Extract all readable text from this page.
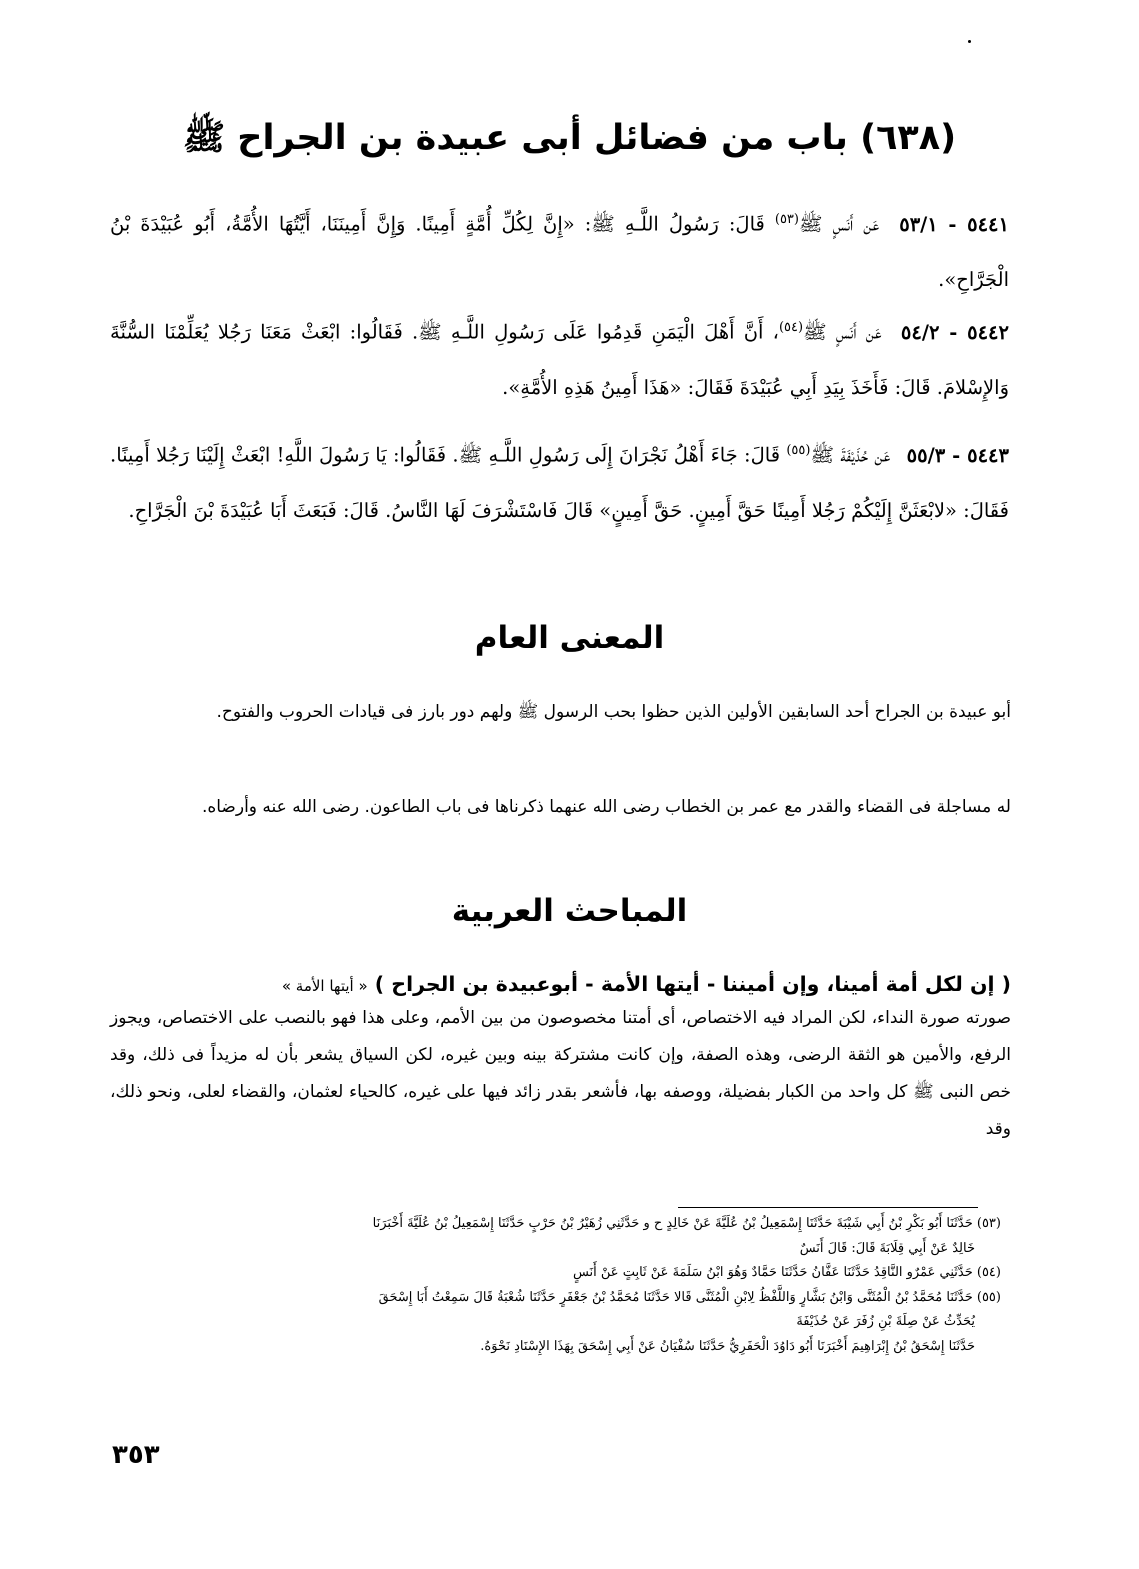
(٦٣٨) باب من فضائل أبى عبيدة بن الجراح ﷺ
٥٤٤١ - ٥٣/١ عَن أَنَسٍ ﷺ$^{(٥٣)}$ قَالَ: رَسُولُ اللَّـهِ ﷺ: «إِنَّ لِكُلِّ أُمَّةٍ أَمِينًا. وَإِنَّ أَمِينَنَا، أَيَّتُهَا الأُمَّةُ، أَبُو عُبَيْدَةَ بْنُ الْجَرَّاحِ».
٥٤٤٢ - ٥٤/٢ عَن أَنَسٍ ﷺ$^{(٥٤)}$، أَنَّ أَهْلَ الْيَمَنِ قَدِمُوا عَلَى رَسُولِ اللَّـهِ ﷺ. فَقَالُوا: ابْعَثْ مَعَنَا رَجُلا يُعَلِّمْنَا السُّنَّةَ وَالإِسْلامَ. قَالَ: فَأَخَذَ بِيَدِ أَبِي عُبَيْدَةَ فَقَالَ: «هَذَا أَمِينُ هَذِهِ الأُمَّةِ».
٥٤٤٣ - ٥٥/٣ عَن حُذَيْفَةَ ﷺ$^{(٥٥)}$ قَالَ: جَاءَ أَهْلُ نَجْرَانَ إِلَى رَسُولِ اللَّـهِ ﷺ. فَقَالُوا: يَا رَسُولَ اللَّهِ! ابْعَثْ إِلَيْنَا رَجُلا أَمِينًا. فَقَالَ: «لابْعَثَنَّ إِلَيْكُمْ رَجُلا أَمِينًا حَقَّ أَمِينٍ. حَقَّ أَمِينٍ» قَالَ فَاسْتَشْرَفَ لَهَا النَّاسُ. قَالَ: فَبَعَثَ أَبَا عُبَيْدَةَ بْنَ الْجَرَّاحِ.
المعنى العام

أبو عبيدة بن الجراح أحد السابقين الأولين الذين حظوا بحب الرسول ﷺ ولهم دور بارز فى قيادات الحروب والفتوح.

له مساجلة فى القضاء والقدر مع عمر بن الخطاب رضى الله عنهما ذكرناها فى باب الطاعون. رضى الله عنه وأرضاه.

المباحث العربية
( إن لكل أمة أمينا، وإن أميننا - أيتها الأمة - أبوعبيدة بن الجراح ) « أيتها الأمة »

صورته صورة النداء، لكن المراد فيه الاختصاص، أى أمتنا مخصوصون من بين الأمم، وعلى هذا فهو بالنصب على الاختصاص، ويجوز الرفع، والأمين هو الثقة الرضى، وهذه الصفة، وإن كانت مشتركة بينه وبين غيره، لكن السياق يشعر بأن له مزيداً فى ذلك، وقد خص النبى ﷺ كل واحد من الكبار بفضيلة، ووصفه بها، فأشعر بقدر زائد فيها على غيره، كالحياء لعثمان، والقضاء لعلى، ونحو ذلك، وقد

(٥٣) حَدَّثَنَا أَبُو بَكْرِ بْنُ أَبِي شَيْبَةَ حَدَّثَنَا إِسْمَعِيلُ بْنُ عُلَيَّةَ عَنْ خَالِدٍ ح و حَدَّثَنِي زُهَيْرُ بْنُ حَرْبٍ حَدَّثَنَا إِسْمَعِيلُ بْنُ عُلَيَّةَ أَخْبَرَنَا

خَالِدٌ عَنْ أَبِي قِلَابَةَ قَالَ: قَالَ أَنَسٌ

(٥٤) حَدَّثَنِي عَمْرٌو النَّاقِدُ حَدَّثَنَا عَفَّانُ حَدَّثَنَا حَمَّادٌ وَهُوَ ابْنُ سَلَمَةَ عَنْ ثَابِتٍ عَنْ أَنَسٍ

(٥٥) حَدَّثَنَا مُحَمَّدُ بْنُ الْمُثَنَّى وَابْنُ بَشَّارٍ وَاللَّفْظُ لِابْنِ الْمُثَنَّى قَالا حَدَّثَنَا مُحَمَّدُ بْنُ جَعْفَرٍ حَدَّثَنَا شُعْبَةُ قَالَ سَمِعْتُ أَبَا إِسْحَقَ

يُحَدِّثُ عَنْ صِلَةَ بْنِ زُفَرَ عَنْ حُذَيْفَةَ

حَدَّثَنَا إِسْحَقُ بْنُ إِبْرَاهِيمَ أَخْبَرَنَا أَبُو دَاوُدَ الْحَفَرِيُّ حَدَّثَنَا سُفْيَانُ عَنْ أَبِي إِسْحَقَ بِهَذَا الإِسْنَادِ نَحْوَهُ.

٣٥٣
